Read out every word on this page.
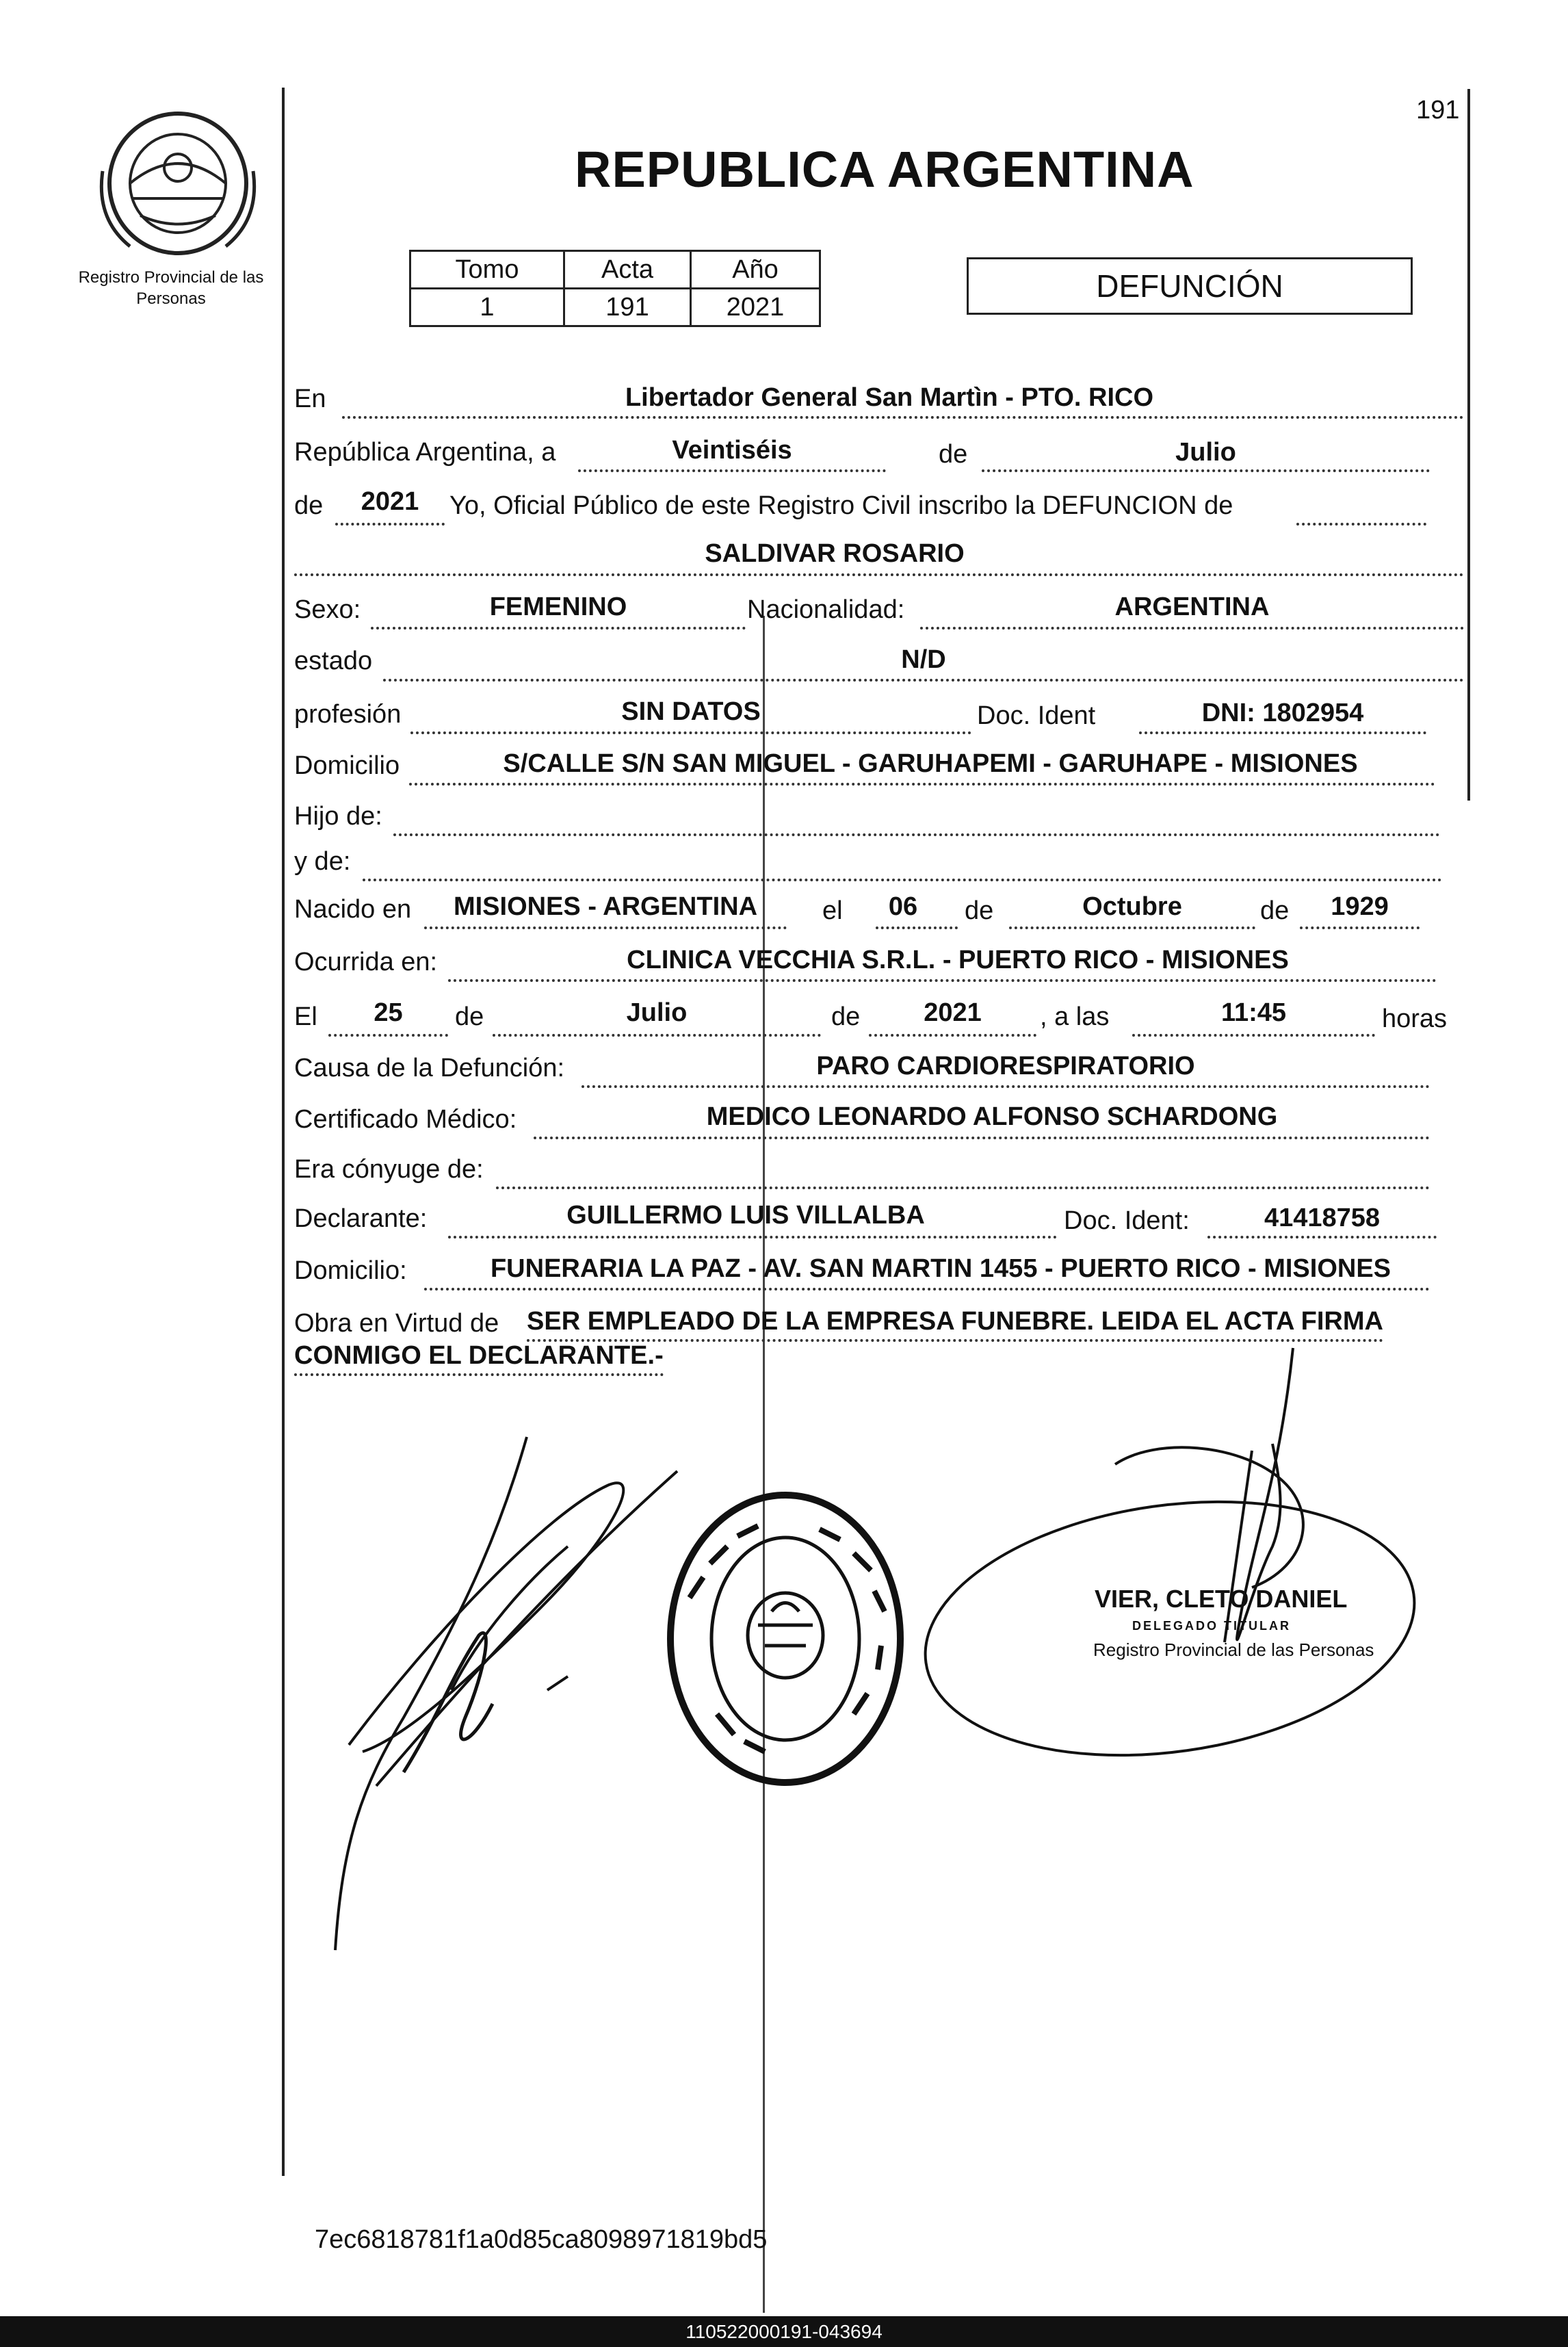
Registro Provincial de las Personas
191
REPUBLICA ARGENTINA
Tomo	Acta	Año
1	191	2021
DEFUNCIÓN
En	Libertador General San Martìn - PTO. RICO
República Argentina, a	Veintiséis	de	Julio
de	2021	Yo, Oficial Público de este Registro Civil inscribo la DEFUNCION de
SALDIVAR ROSARIO
Sexo:	FEMENINO	Nacionalidad:	ARGENTINA
estado	N/D
profesión	SIN DATOS	Doc. Ident	DNI: 1802954
Domicilio	S/CALLE S/N SAN MIGUEL - GARUHAPEMI - GARUHAPE - MISIONES
Hijo de:
y de:
Nacido en	MISIONES - ARGENTINA	el	06	de	Octubre	de	1929
Ocurrida en:	CLINICA VECCHIA S.R.L. - PUERTO RICO - MISIONES
El	25	de	Julio	de	2021	, a las	11:45	horas
Causa de la Defunción:	PARO CARDIORESPIRATORIO
Certificado Médico:	MEDICO LEONARDO ALFONSO SCHARDONG
Era cónyuge de:
Declarante:	GUILLERMO LUIS VILLALBA	Doc. Ident:	41418758
Domicilio:	FUNERARIA LA PAZ - AV. SAN MARTIN 1455 - PUERTO RICO - MISIONES
Obra en Virtud de SER EMPLEADO DE LA EMPRESA FUNEBRE. LEIDA EL ACTA FIRMA
CONMIGO EL DECLARANTE.-
VIER, CLETO DANIEL
DELEGADO TITULAR
Registro Provincial de las Personas
7ec6818781f1a0d85ca8098971819bd5
110522000191-043694
